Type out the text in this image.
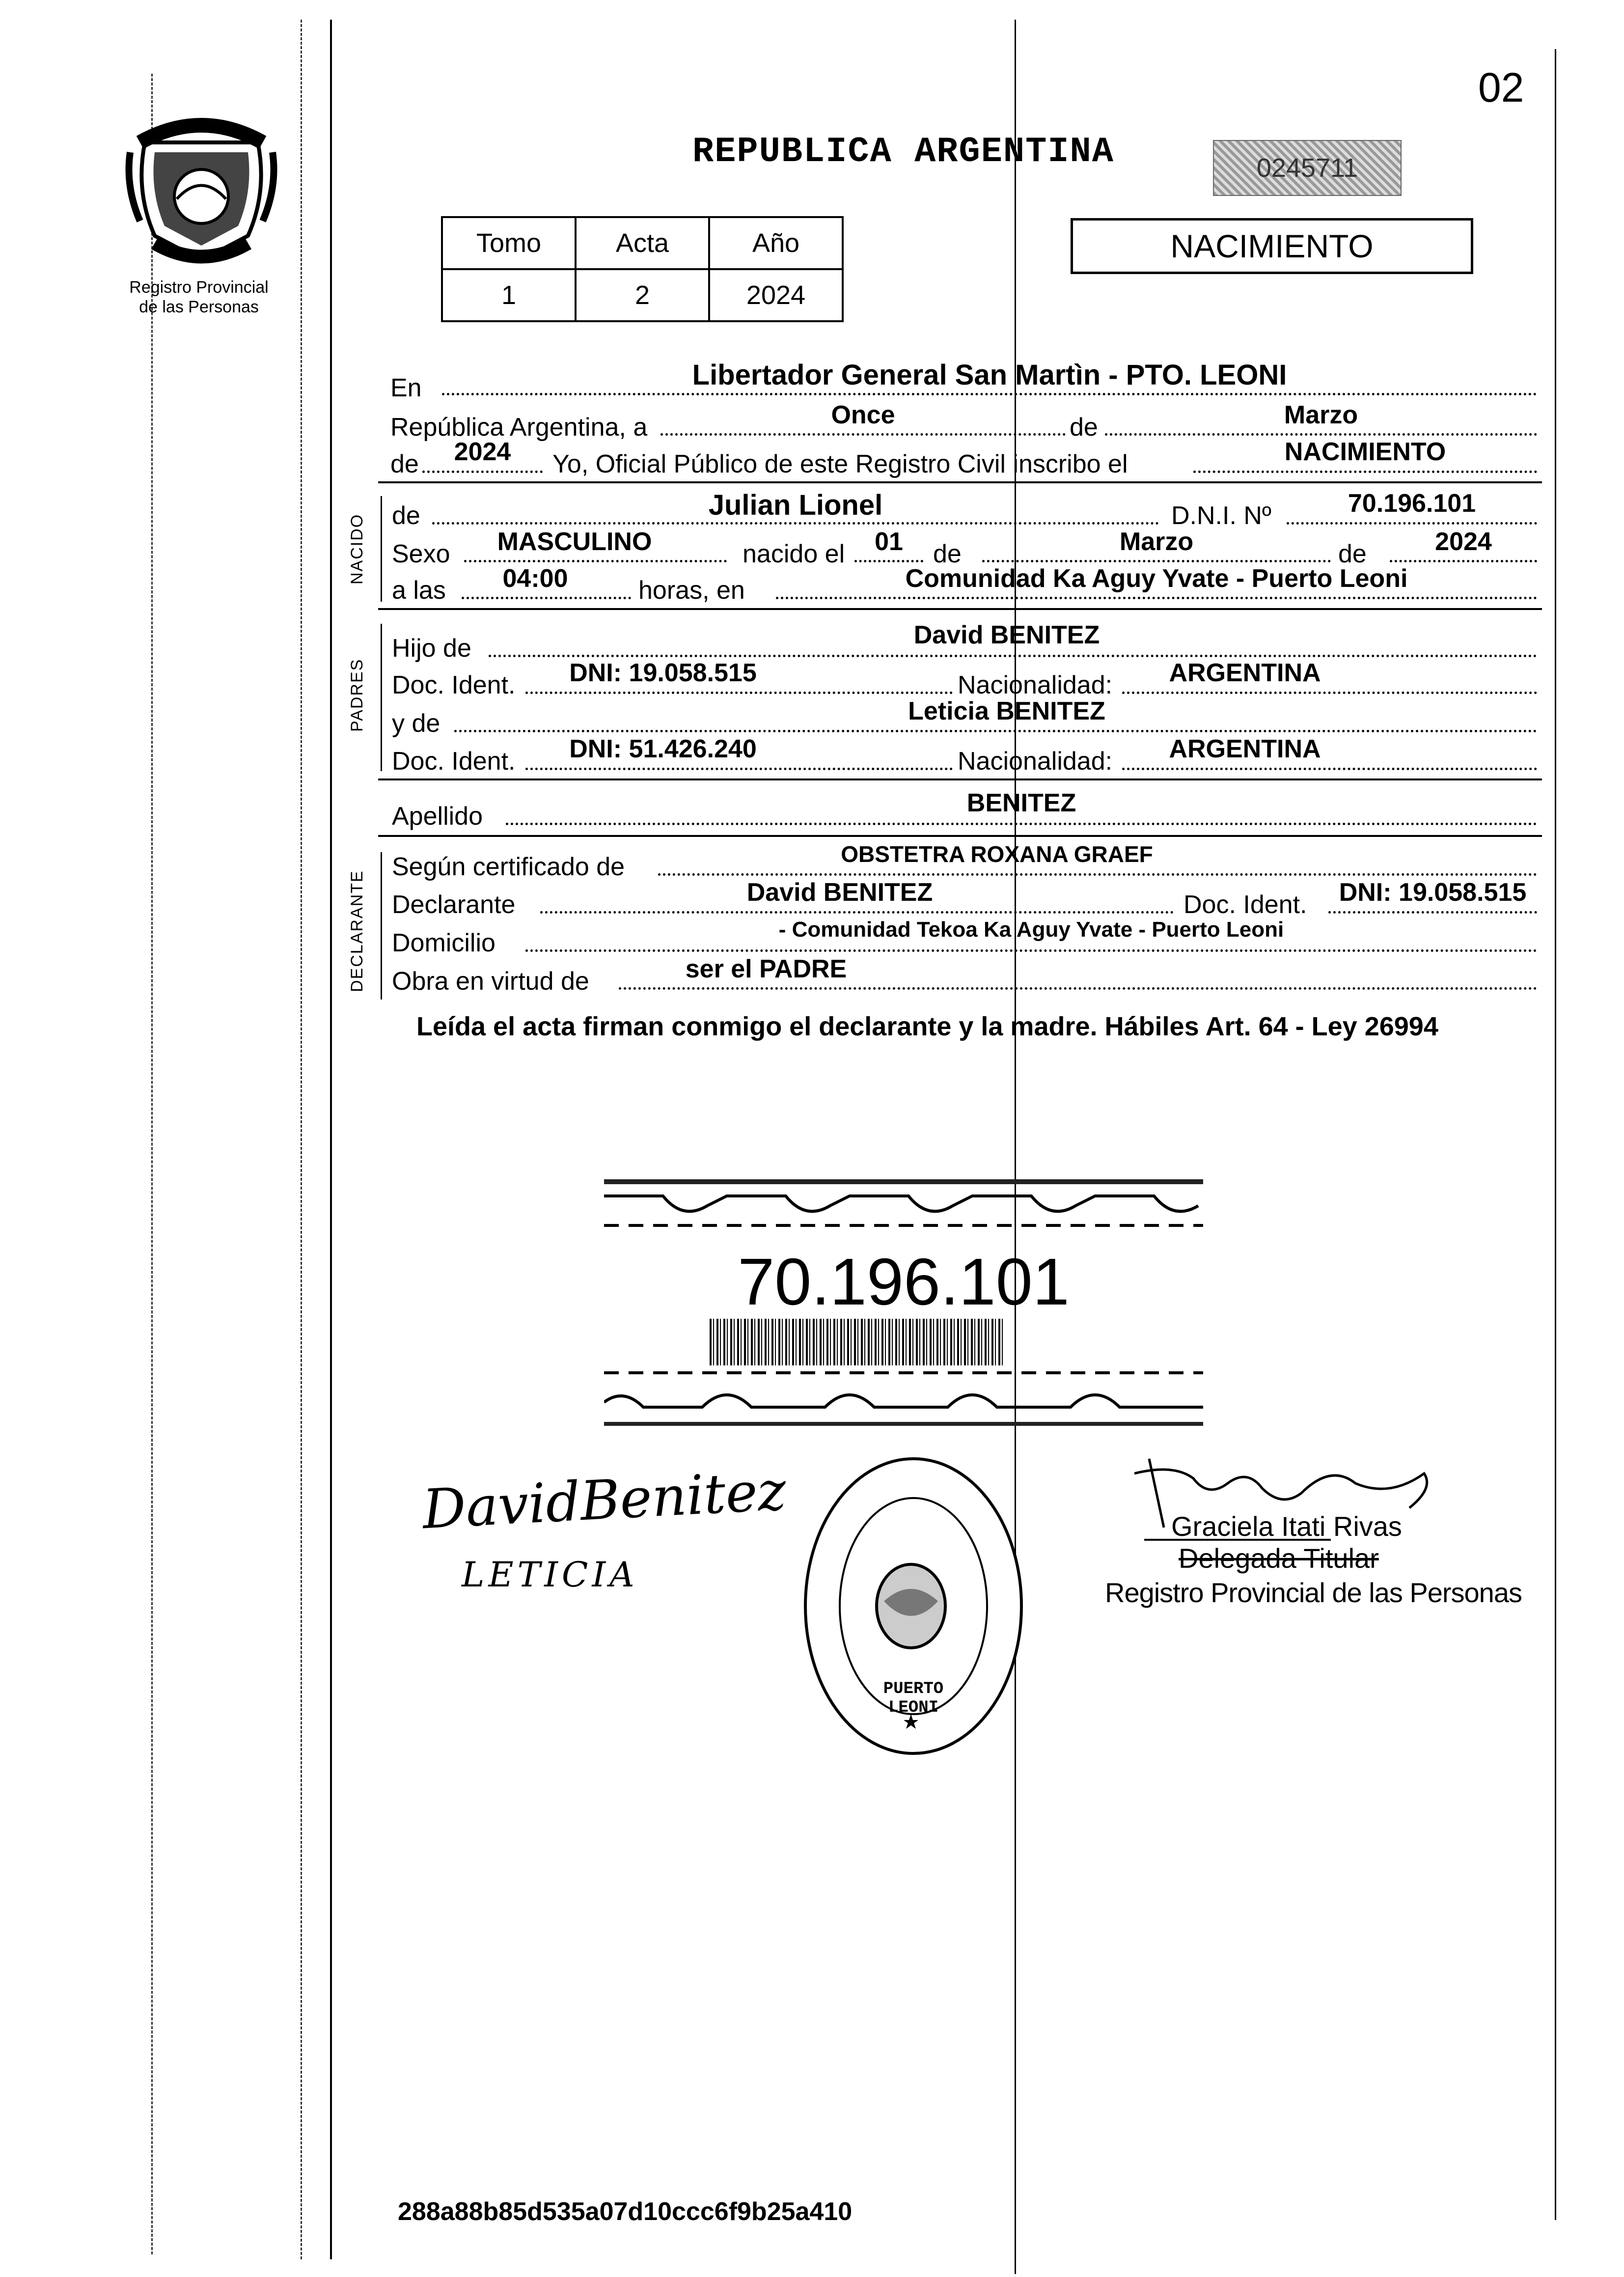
02
Registro Provincial de las Personas
REPUBLICA ARGENTINA	0245711
NACIMIENTO
Tomo	Acta	Año
1	2	2024
En	Libertador General San Martìn - PTO. LEONI
República Argentina, a	Once	de	Marzo
de	2024	Yo, Oficial Público de este Registro Civil inscribo el	NACIMIENTO
NACIDO de	Julian Lionel	D.N.I. Nº	70.196.101
Sexo	MASCULINO	nacido el	01	de	Marzo	de	2024
a las	04:00	horas, en	Comunidad Ka Aguy Yvate - Puerto Leoni
PADRES
Hijo de	David BENITEZ
Doc. Ident.	DNI: 19.058.515	Nacionalidad:	ARGENTINA
y de	Leticia BENITEZ
Doc. Ident.	DNI: 51.426.240	Nacionalidad:	ARGENTINA
Apellido	BENITEZ
DECLARANTE
Según certificado de	OBSTETRA ROXANA GRAEF
Declarante	David BENITEZ	Doc. Ident.	DNI: 19.058.515
Domicilio	- Comunidad Tekoa Ka Aguy Yvate - Puerto Leoni
Obra en virtud de	ser el PADRE
Leída el acta firman conmigo el declarante y la madre. Hábiles Art. 64 - Ley 26994
70.196.101
DavidBenitez
LETICIA
PUERTO LEONI
Graciela Itati Rivas
Delegada Titular
Registro Provincial de las Personas
288a88b85d535a07d10ccc6f9b25a410
